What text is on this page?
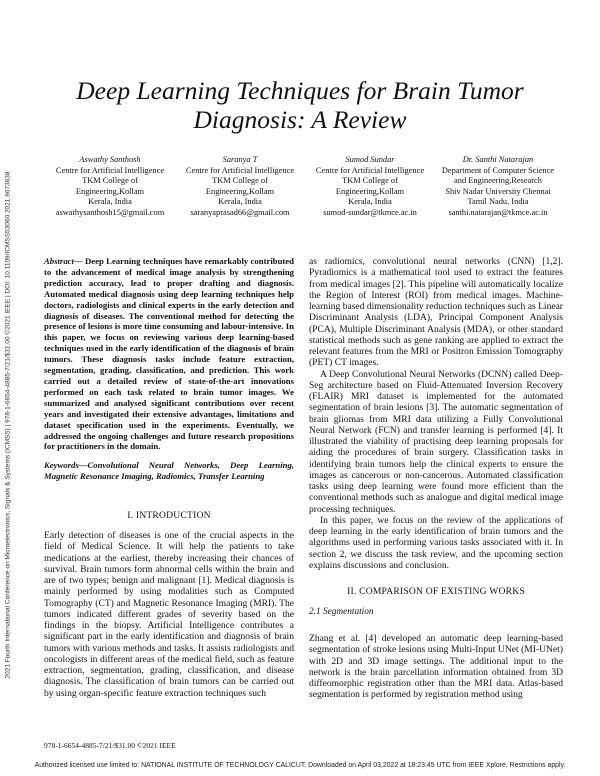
2021 Fourth International Conference on Microelectronics, Signals & Systems (ICMSS) | 978-1-6654-4885-7/21/$31.00 ©2021 IEEE | DOI: 10.1109/ICMSS53060.2021.9673638
Deep Learning Techniques for Brain Tumor
Diagnosis: A Review
Aswathy Santhosh
Centre for Artificial Intelligence
TKM College of
Engineering,Kollam
Kerala, India
aswathysanthosh15@gmail.com
Saranya T
Centre for Artificial Intelligence
TKM College of
Engineering,Kollam
Kerala, India
saranyaprasad66@gmail.com
Sumod Sundar
Centre for Artificial Intelligence
TKM College of
Engineering,Kollam
Kerala, India
sumod-sundar@tkmce.ac.in
Dr. Santhi Natarajan
Department of Computer Science
and Engineering,Research
Shiv Nadar University Chennai
Tamil Nadu, India
santhi.natarajan@tkmce.ac.in

Abstract— Deep Learning techniques have remarkably contributed to the advancement of medical image analysis by strengthening prediction accuracy, lead to proper drafting and diagnosis. Automated medical diagnosis using deep learning techniques help doctors, radiologists and clinical experts in the early detection and diagnosis of diseases. The conventional method for detecting the presence of lesions is more time consuming and labour-intensive. In this paper, we focus on reviewing various deep learning-based techniques used in the early identification of the diagnosis of brain tumors. These diagnosis tasks include feature extraction, segmentation, grading, classification, and prediction. This work carried out a detailed review of state-of-the-art innovations performed on each task related to brain tumor images. We summarized and analysed significant contributions over recent years and investigated their extensive advantages, limitations and dataset specification used in the experiments. Eventually, we addressed the ongoing challenges and future research propositions for practitioners in the domain.

Keywords—Convolutional Neural Networks, Deep Learning, Magnetic Resonance Imaging, Radiomics, Transfer Learning

I. INTRODUCTION

Early detection of diseases is one of the crucial aspects in the field of Medical Science. It will help the patients to take medications at the earliest, thereby increasing their chances of survival. Brain tumors form abnormal cells within the brain and are of two types; benign and malignant [1]. Medical diagnosis is mainly performed by using modalities such as Computed Tomography (CT) and Magnetic Resonance Imaging (MRI). The tumors indicated different grades of severity based on the findings in the biopsy. Artificial Intelligence contributes a significant part in the early identification and diagnosis of brain tumors with various methods and tasks. It assists radiologists and oncologists in different areas of the medical field, such as feature extraction, segmentation, grading, classification, and disease diagnosis. The classification of brain tumors can be carried out by using organ-specific feature extraction techniques such

as radiomics, convolutional neural networks (CNN) [1,2]. Pyradiomics is a mathematical tool used to extract the features from medical images [2]. This pipeline will automatically localize the Region of Interest (ROI) from medical images. Machine-learning based dimensionality reduction techniques such as Linear Discriminant Analysis (LDA), Principal Component Analysis (PCA), Multiple Discriminant Analysis (MDA), or other standard statistical methods such as gene ranking are applied to extract the relevant features from the MRI or Positron Emission Tomography (PET) CT images.

A Deep Convolutional Neural Networks (DCNN) called Deep-Seg architecture based on Fluid-Attenuated Inversion Recovery (FLAIR) MRI dataset is implemented for the automated segmentation of brain lesions [3]. The automatic segmentation of brain gliomas from MRI data utilizing a Fully Convolutional Neural Network (FCN) and transfer learning is performed [4]. It illustrated the viability of practising deep learning proposals for aiding the procedures of brain surgery. Classification tasks in identifying brain tumors help the clinical experts to ensure the images as cancerous or non-cancerous. Automated classification tasks using deep learning were found more efficient than the conventional methods such as analogue and digital medical image processing techniques.

In this paper, we focus on the review of the applications of deep learning in the early identification of brain tumors and the algorithms used in performing various tasks associated with it. In section 2, we discuss the task review, and the upcoming section explains discussions and conclusion.

II. COMPARISON OF EXISTING WORKS
2.1 Segmentation

Zhang et al. [4] developed an automatic deep learning-based segmentation of stroke lesions using Multi-Input UNet (MI-UNet) with 2D and 3D image settings. The additional input to the network is the brain parcellation information obtained from 3D diffeomorphic registration other than the MRI data. Atlas-based segmentation is performed by registration method using

978-1-6654-4885-7/21/$31.00 ©2021 IEEE
Authorized licensed use limited to: NATIONAL INSTITUTE OF TECHNOLOGY CALICUT. Downloaded on April 03,2022 at 18:23:45 UTC from IEEE Xplore. Restrictions apply.
